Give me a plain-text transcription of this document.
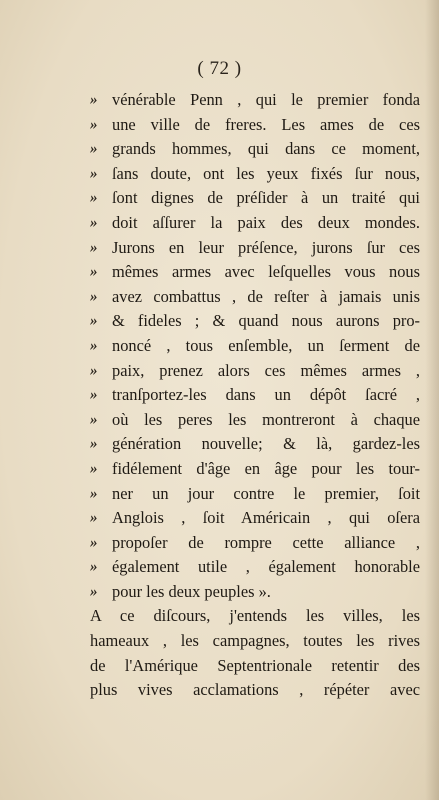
( 72 )
» vénérable Penn , qui le premier fonda
» une ville de freres. Les ames de ces
» grands hommes, qui dans ce moment,
» ſans doute, ont les yeux fixés ſur nous,
» ſont dignes de préſider à un traité qui
» doit aſſurer la paix des deux mondes.
» Jurons en leur préſence, jurons ſur ces
» mêmes armes avec leſquelles vous nous
» avez combattus , de reſter à jamais unis
» & fideles ; & quand nous aurons pro-
» noncé , tous enſemble, un ſerment de
» paix, prenez alors ces mêmes armes ,
» tranſportez-les dans un dépôt ſacré ,
» où les peres les montreront à chaque
» génération nouvelle; & là, gardez-les
» fidélement d'âge en âge pour les tour-
» ner un jour contre le premier, ſoit
» Anglois , ſoit Américain , qui oſera
» propoſer de rompre cette alliance ,
» également utile , également honorable
» pour les deux peuples ».
A ce diſcours, j'entends les villes, les
hameaux , les campagnes, toutes les rives
de l'Amérique Septentrionale retentir des
plus vives acclamations , répéter avec
